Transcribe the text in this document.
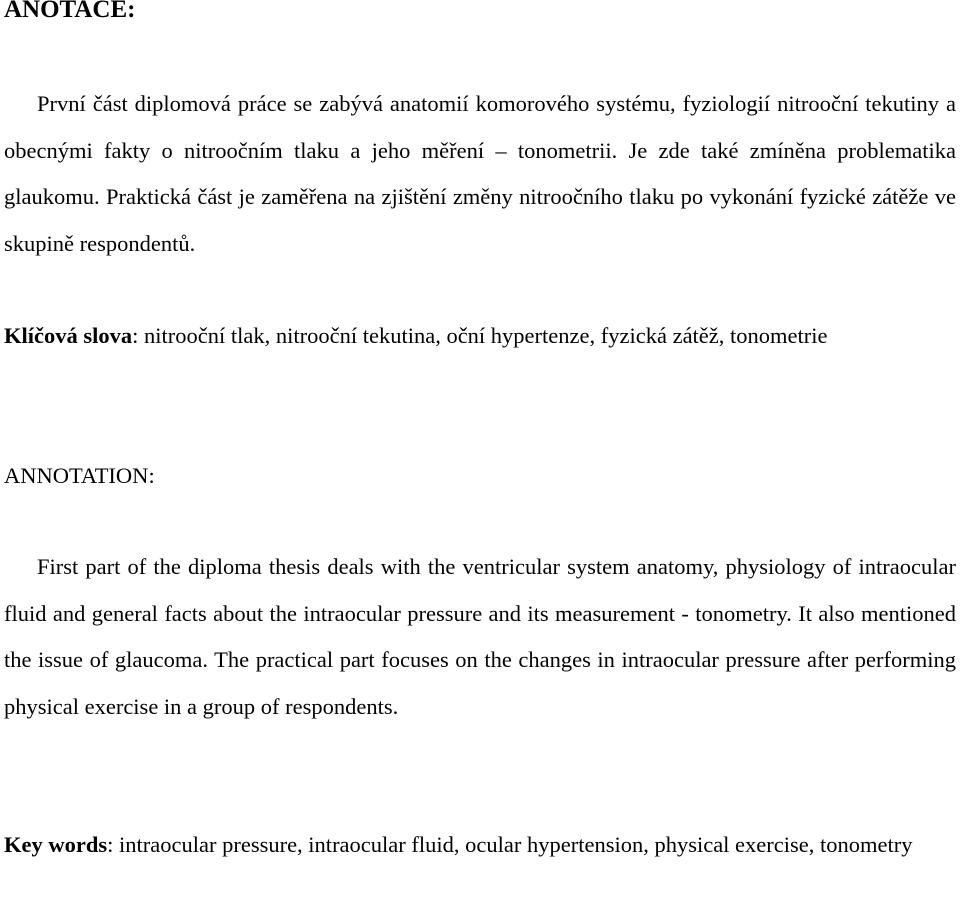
ANOTACE:

První část diplomová práce se zabývá anatomií komorového systému, fyziologií nitrooční tekutiny a obecnými fakty o nitroočním tlaku a jeho měření – tonometrii. Je zde také zmíněna problematika glaukomu. Praktická část je zaměřena na zjištění změny nitroočního tlaku po vykonání fyzické zátěže ve skupině respondentů.

Klíčová slova: nitrooční tlak, nitrooční tekutina, oční hypertenze, fyzická zátěž, tonometrie

ANNOTATION:

First part of the diploma thesis deals with the ventricular system anatomy, physiology of intraocular fluid and general facts about the intraocular pressure and its measurement - tonometry. It also mentioned the issue of glaucoma. The practical part focuses on the changes in intraocular pressure after performing physical exercise in a group of respondents.

Key words: intraocular pressure, intraocular fluid, ocular hypertension, physical exercise, tonometry
